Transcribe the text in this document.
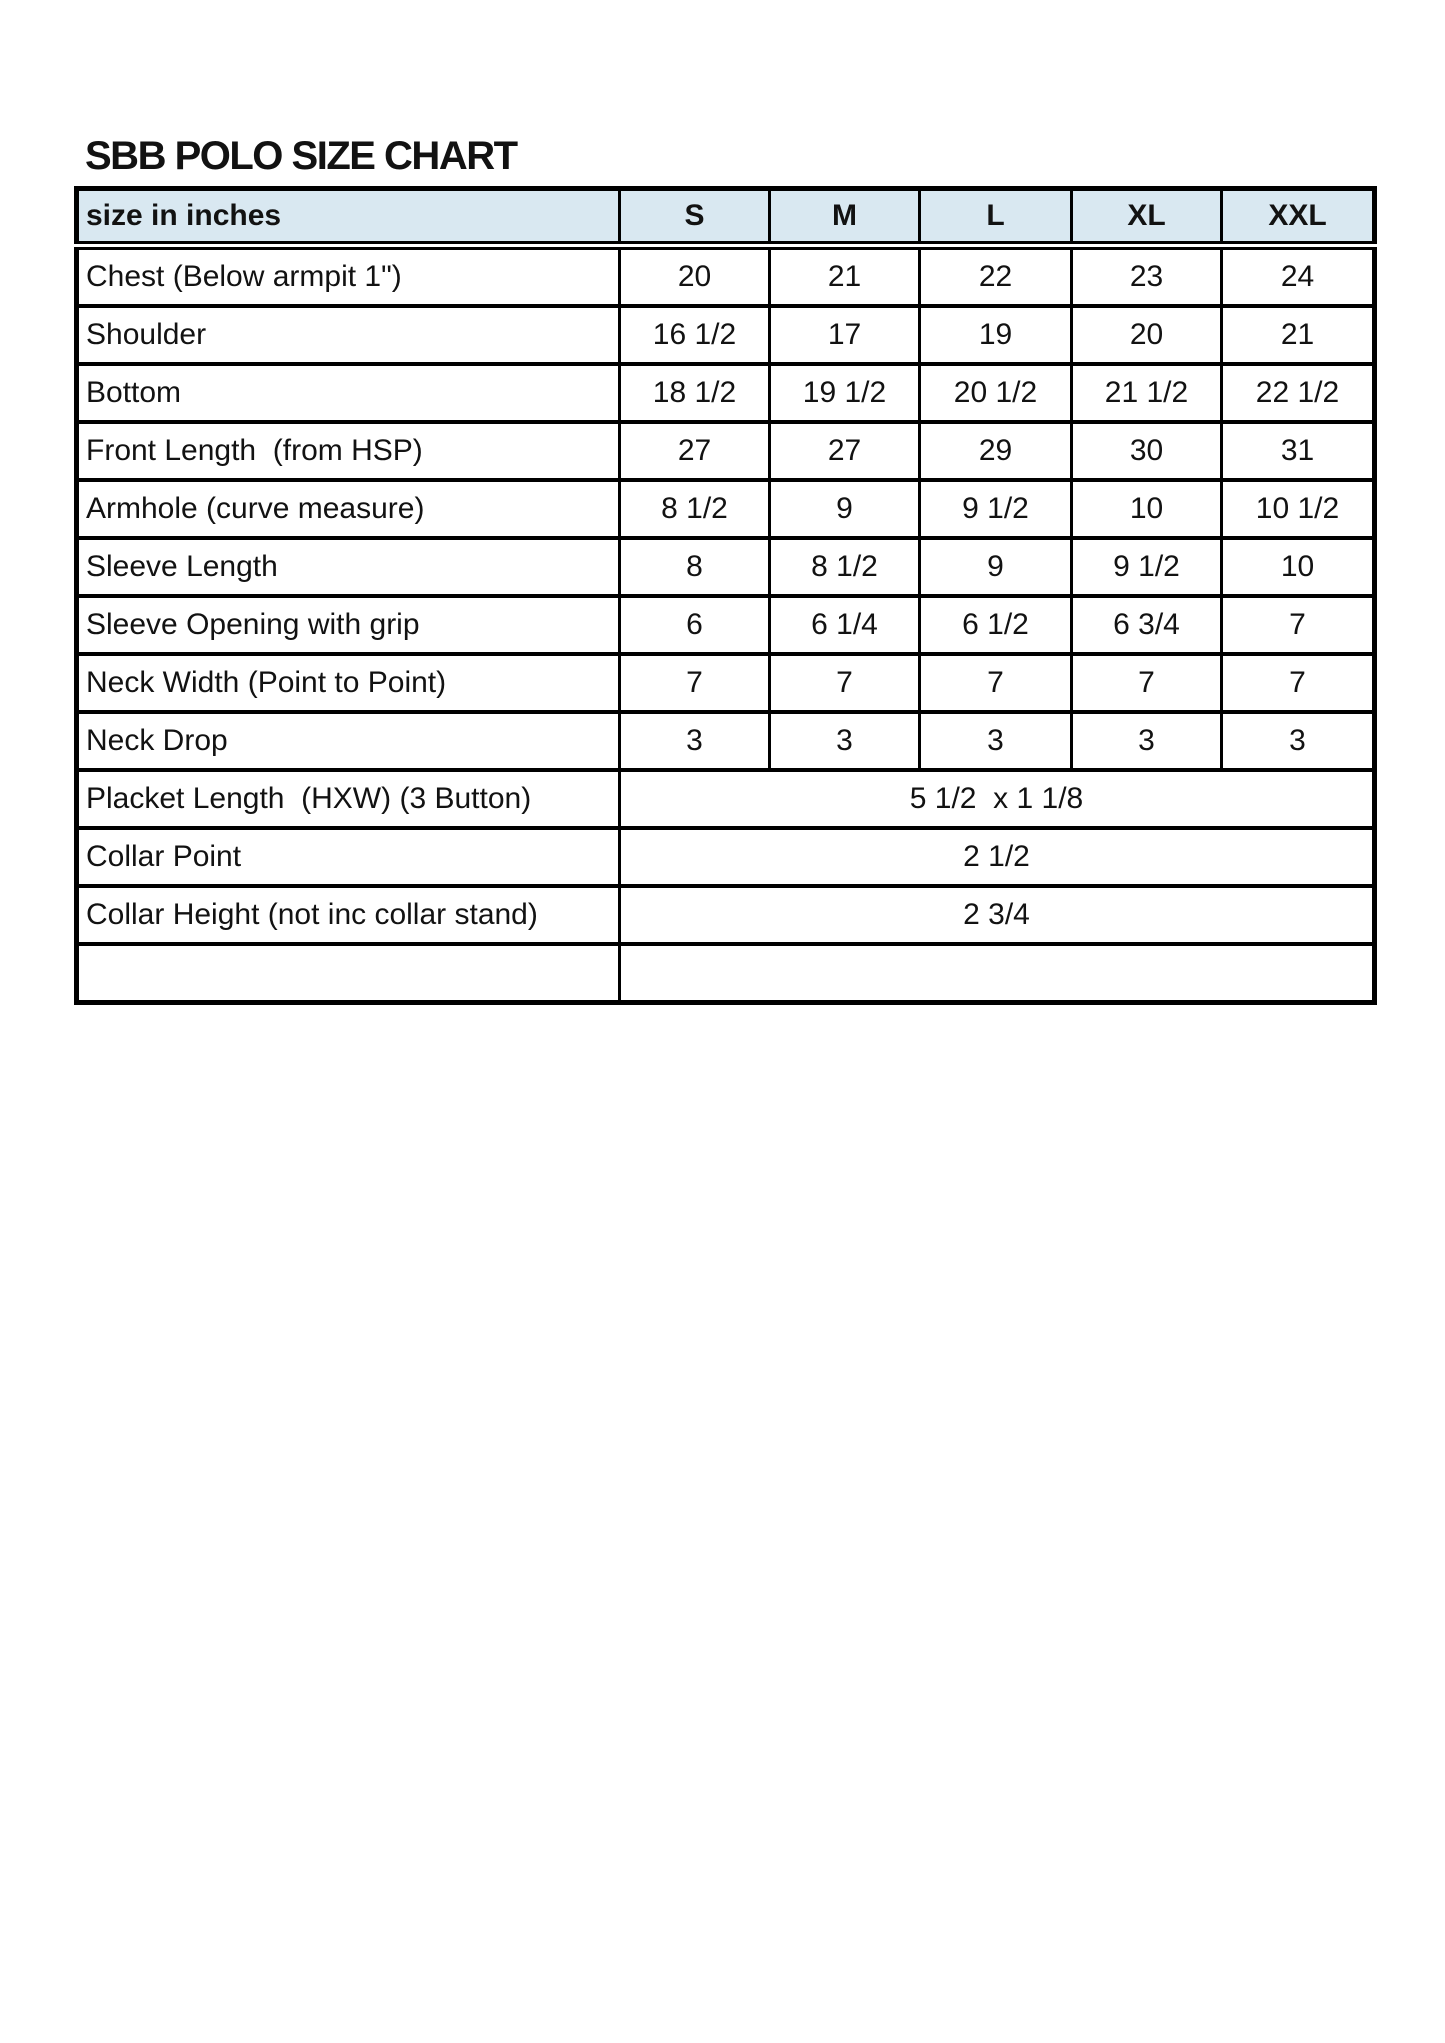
SBB POLO SIZE CHART
size in inches	S	M	L	XL	XXL
Chest (Below armpit 1")	20	21	22	23	24
Shoulder	16 1/2	17	19	20	21
Bottom	18 1/2	19 1/2	20 1/2	21 1/2	22 1/2
Front Length  (from HSP)	27	27	29	30	31
Armhole (curve measure)	8 1/2	9	9 1/2	10	10 1/2
Sleeve Length	8	8 1/2	9	9 1/2	10
Sleeve Opening with grip	6	6 1/4	6 1/2	6 3/4	7
Neck Width (Point to Point)	7	7	7	7	7
Neck Drop	3	3	3	3	3
Placket Length  (HXW) (3 Button)	5 1/2  x 1 1/8				
Collar Point	2 1/2				
Collar Height (not inc collar stand)	2 3/4				
